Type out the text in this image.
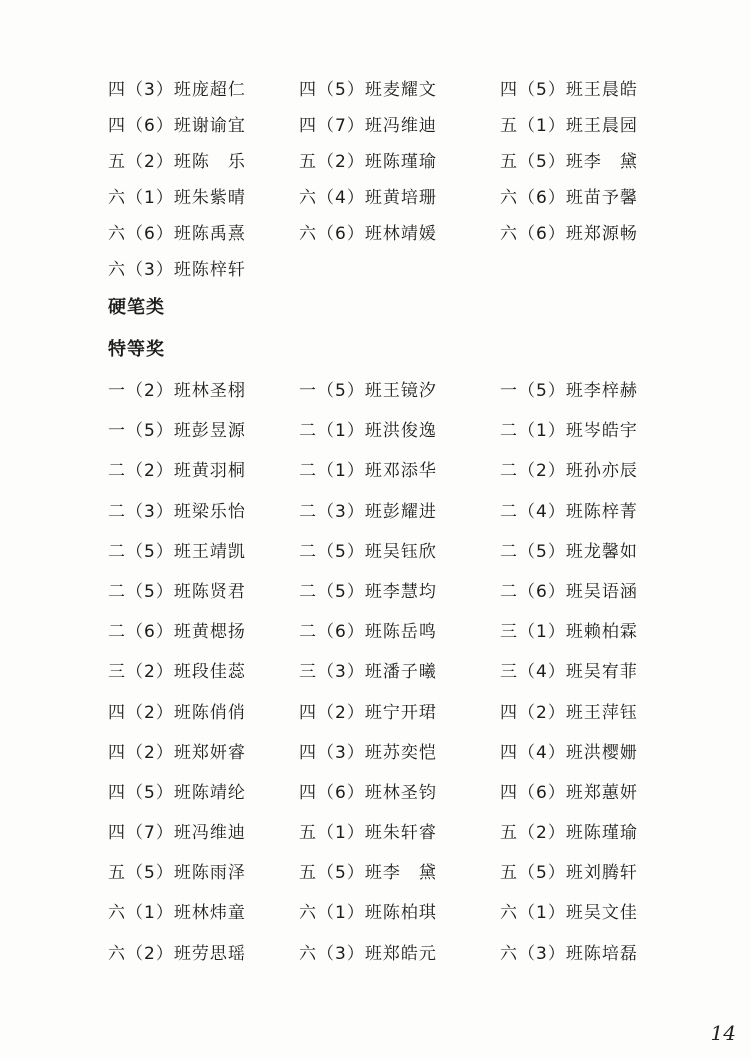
四（3）班庞超仁	四（5）班麦耀文	四（5）班王晨皓
四（6）班谢谕宜	四（7）班冯维迪	五（1）班王晨园
五（2）班陈　乐	五（2）班陈瑾瑜	五（5）班李　黛
六（1）班朱紫晴	六（4）班黄培珊	六（6）班苗予馨
六（6）班陈禹熹	六（6）班林靖媛	六（6）班郑源畅
六（3）班陈梓轩
硬笔类
特等奖
一（2）班林圣栩	一（5）班王镜汐	一（5）班李梓赫
一（5）班彭昱源	二（1）班洪俊逸	二（1）班岑皓宇
二（2）班黄羽桐	二（1）班邓添华	二（2）班孙亦辰
二（3）班梁乐怡	二（3）班彭耀进	二（4）班陈梓菁
二（5）班王靖凯	二（5）班吴钰欣	二（5）班龙馨如
二（5）班陈贤君	二（5）班李慧均	二（6）班吴语涵
二（6）班黄楒扬	二（6）班陈岳鸣	三（1）班赖柏霖
三（2）班段佳蕊	三（3）班潘子曦	三（4）班吴宥菲
四（2）班陈俏俏	四（2）班宁开珺	四（2）班王萍钰
四（2）班郑妍睿	四（3）班苏奕恺	四（4）班洪樱姗
四（5）班陈靖纶	四（6）班林圣钧	四（6）班郑蕙妍
四（7）班冯维迪	五（1）班朱轩睿	五（2）班陈瑾瑜
五（5）班陈雨泽	五（5）班李　黛	五（5）班刘腾轩
六（1）班林炜童	六（1）班陈柏琪	六（1）班吴文佳
六（2）班劳思瑶	六（3）班郑皓元	六（3）班陈培磊
14
